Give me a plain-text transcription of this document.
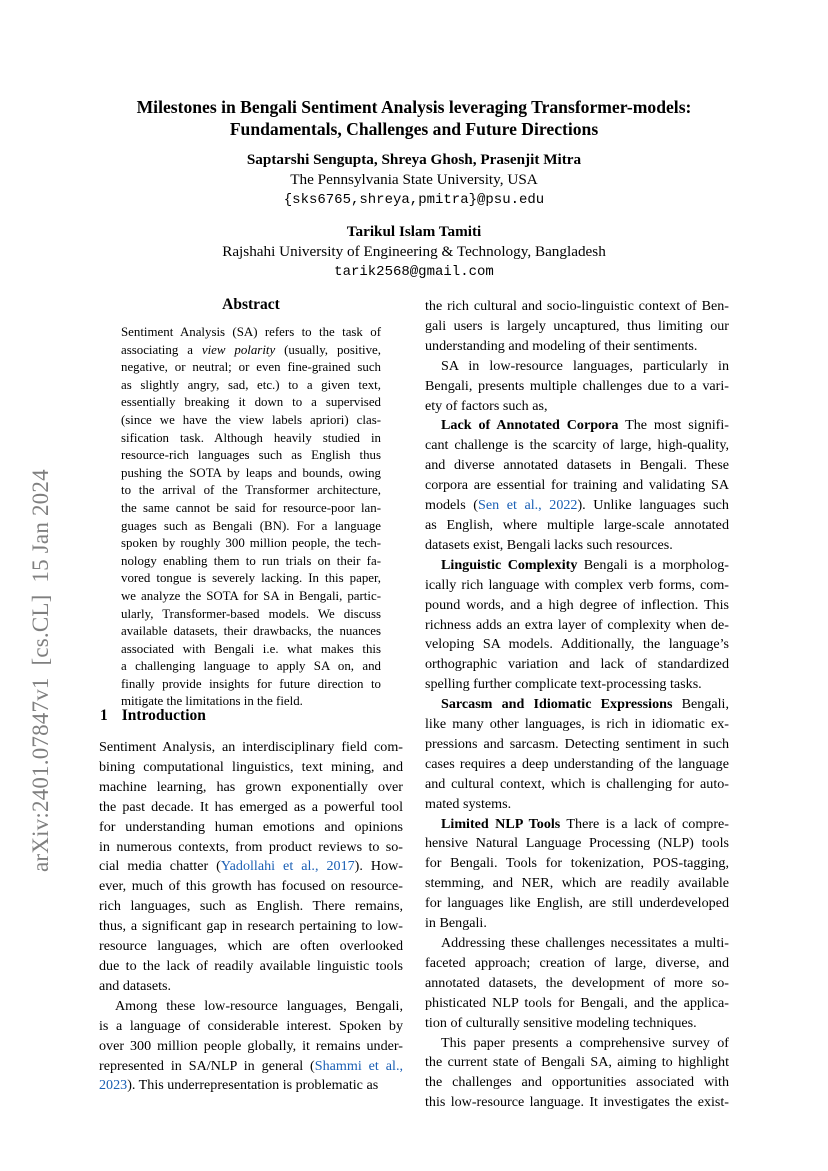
arXiv:2401.07847v1  [cs.CL]  15 Jan 2024
Milestones in Bengali Sentiment Analysis leveraging Transformer-models:
Fundamentals, Challenges and Future Directions
Saptarshi Sengupta, Shreya Ghosh, Prasenjit Mitra
The Pennsylvania State University, USA
{sks6765,shreya,pmitra}@psu.edu
Tarikul Islam Tamiti
Rajshahi University of Engineering & Technology, Bangladesh
tarik2568@gmail.com
Abstract
Sentiment Analysis (SA) refers to the task of
associating a view polarity (usually, positive,
negative, or neutral; or even fine-grained such
as slightly angry, sad, etc.) to a given text,
essentially breaking it down to a supervised
(since we have the view labels apriori) clas-
sification task. Although heavily studied in
resource-rich languages such as English thus
pushing the SOTA by leaps and bounds, owing
to the arrival of the Transformer architecture,
the same cannot be said for resource-poor lan-
guages such as Bengali (BN). For a language
spoken by roughly 300 million people, the tech-
nology enabling them to run trials on their fa-
vored tongue is severely lacking. In this paper,
we analyze the SOTA for SA in Bengali, partic-
ularly, Transformer-based models. We discuss
available datasets, their drawbacks, the nuances
associated with Bengali i.e. what makes this
a challenging language to apply SA on, and
finally provide insights for future direction to
mitigate the limitations in the field.
1 Introduction
Sentiment Analysis, an interdisciplinary field com-
bining computational linguistics, text mining, and
machine learning, has grown exponentially over
the past decade. It has emerged as a powerful tool
for understanding human emotions and opinions
in numerous contexts, from product reviews to so-
cial media chatter (Yadollahi et al., 2017). How-
ever, much of this growth has focused on resource-
rich languages, such as English. There remains,
thus, a significant gap in research pertaining to low-
resource languages, which are often overlooked
due to the lack of readily available linguistic tools
and datasets.
Among these low-resource languages, Bengali,
is a language of considerable interest. Spoken by
over 300 million people globally, it remains under-
represented in SA/NLP in general (Shammi et al.,
2023). This underrepresentation is problematic as
the rich cultural and socio-linguistic context of Ben-
gali users is largely uncaptured, thus limiting our
understanding and modeling of their sentiments.
SA in low-resource languages, particularly in
Bengali, presents multiple challenges due to a vari-
ety of factors such as,
Lack of Annotated Corpora The most signifi-
cant challenge is the scarcity of large, high-quality,
and diverse annotated datasets in Bengali. These
corpora are essential for training and validating SA
models (Sen et al., 2022). Unlike languages such
as English, where multiple large-scale annotated
datasets exist, Bengali lacks such resources.
Linguistic Complexity Bengali is a morpholog-
ically rich language with complex verb forms, com-
pound words, and a high degree of inflection. This
richness adds an extra layer of complexity when de-
veloping SA models. Additionally, the language’s
orthographic variation and lack of standardized
spelling further complicate text-processing tasks.
Sarcasm and Idiomatic Expressions Bengali,
like many other languages, is rich in idiomatic ex-
pressions and sarcasm. Detecting sentiment in such
cases requires a deep understanding of the language
and cultural context, which is challenging for auto-
mated systems.
Limited NLP Tools There is a lack of compre-
hensive Natural Language Processing (NLP) tools
for Bengali. Tools for tokenization, POS-tagging,
stemming, and NER, which are readily available
for languages like English, are still underdeveloped
in Bengali.
Addressing these challenges necessitates a multi-
faceted approach; creation of large, diverse, and
annotated datasets, the development of more so-
phisticated NLP tools for Bengali, and the applica-
tion of culturally sensitive modeling techniques.
This paper presents a comprehensive survey of
the current state of Bengali SA, aiming to highlight
the challenges and opportunities associated with
this low-resource language. It investigates the exist-
